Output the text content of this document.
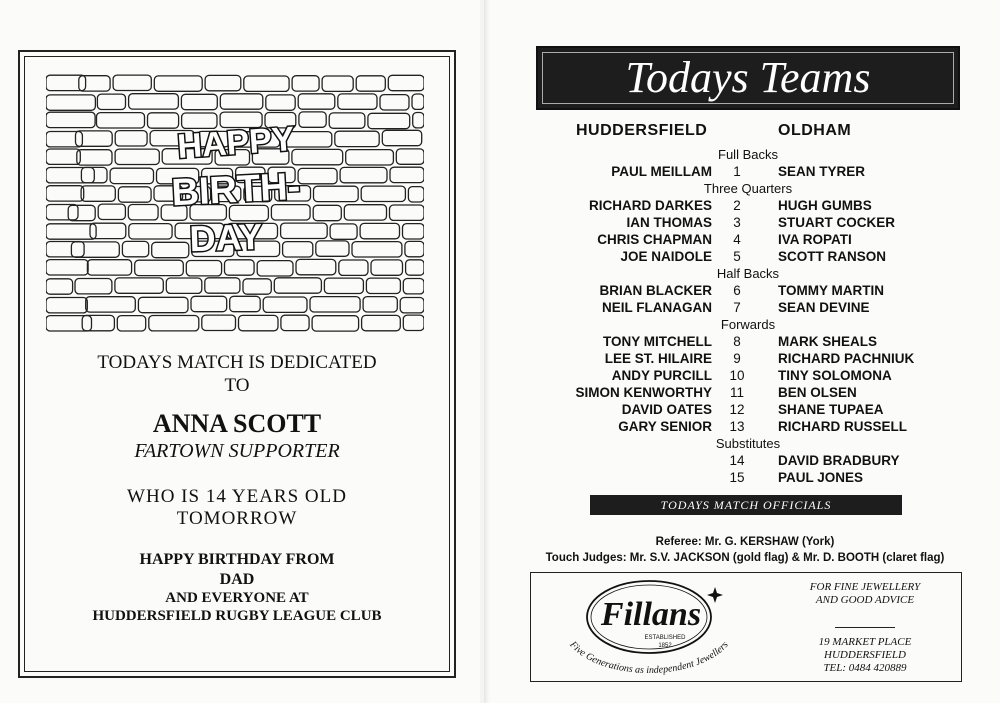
HAPPY
BIRTH-
DAY
TODAYS MATCH IS DEDICATED
TO
ANNA SCOTT
FARTOWN SUPPORTER
WHO IS 14 YEARS OLD
TOMORROW
HAPPY BIRTHDAY FROM
DAD
AND EVERYONE AT
HUDDERSFIELD RUGBY LEAGUE CLUB
Todays Teams
HUDDERSFIELD	OLDHAM
Full Backs
PAUL MEILLAM	1	SEAN TYRER
Three Quarters
RICHARD DARKES	2	HUGH GUMBS
IAN THOMAS	3	STUART COCKER
CHRIS CHAPMAN	4	IVA ROPATI
JOE NAIDOLE	5	SCOTT RANSON
Half Backs
BRIAN BLACKER	6	TOMMY MARTIN
NEIL FLANAGAN	7	SEAN DEVINE
Forwards
TONY MITCHELL	8	MARK SHEALS
LEE ST. HILAIRE	9	RICHARD PACHNIUK
ANDY PURCILL	10	TINY SOLOMONA
SIMON KENWORTHY	11	BEN OLSEN
DAVID OATES	12	SHANE TUPAEA
GARY SENIOR	13	RICHARD RUSSELL
Substitutes
14	DAVID BRADBURY
15	PAUL JONES
TODAYS MATCH OFFICIALS
Referee: Mr. G. KERSHAW (York)
Touch Judges: Mr. S.V. JACKSON (gold flag) & Mr. D. BOOTH (claret flag)
Fillans
ESTABLISHED
1852
Five Generations as independent Jewellers
FOR FINE JEWELLERY
AND GOOD ADVICE
19 MARKET PLACE
HUDDERSFIELD
TEL: 0484 420889
